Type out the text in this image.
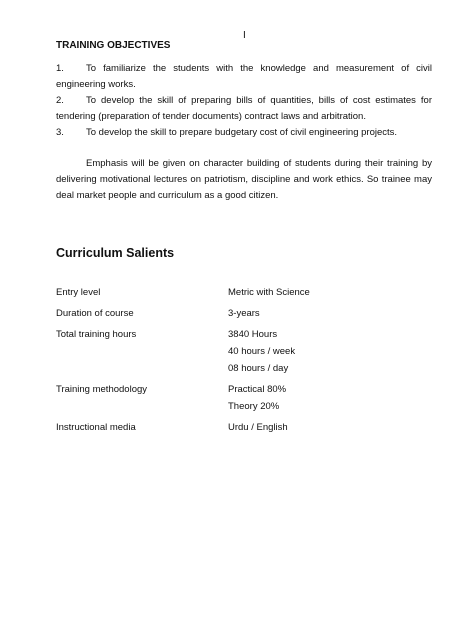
I
TRAINING OBJECTIVES
1. To familiarize the students with the knowledge and measurement of civil engineering works.
2. To develop the skill of preparing bills of quantities, bills of cost estimates for tendering (preparation of tender documents) contract laws and arbitration.
3. To develop the skill to prepare budgetary cost of civil engineering projects.
Emphasis will be given on character building of students during their training by delivering motivational lectures on patriotism, discipline and work ethics. So trainee may deal market people and curriculum as a good citizen.
Curriculum Salients
Entry level	Metric with Science
Duration of course	3-years
Total training hours	3840 Hours
40 hours / week
08 hours / day
Training methodology	Practical 80%
Theory 20%
Instructional media	Urdu / English
